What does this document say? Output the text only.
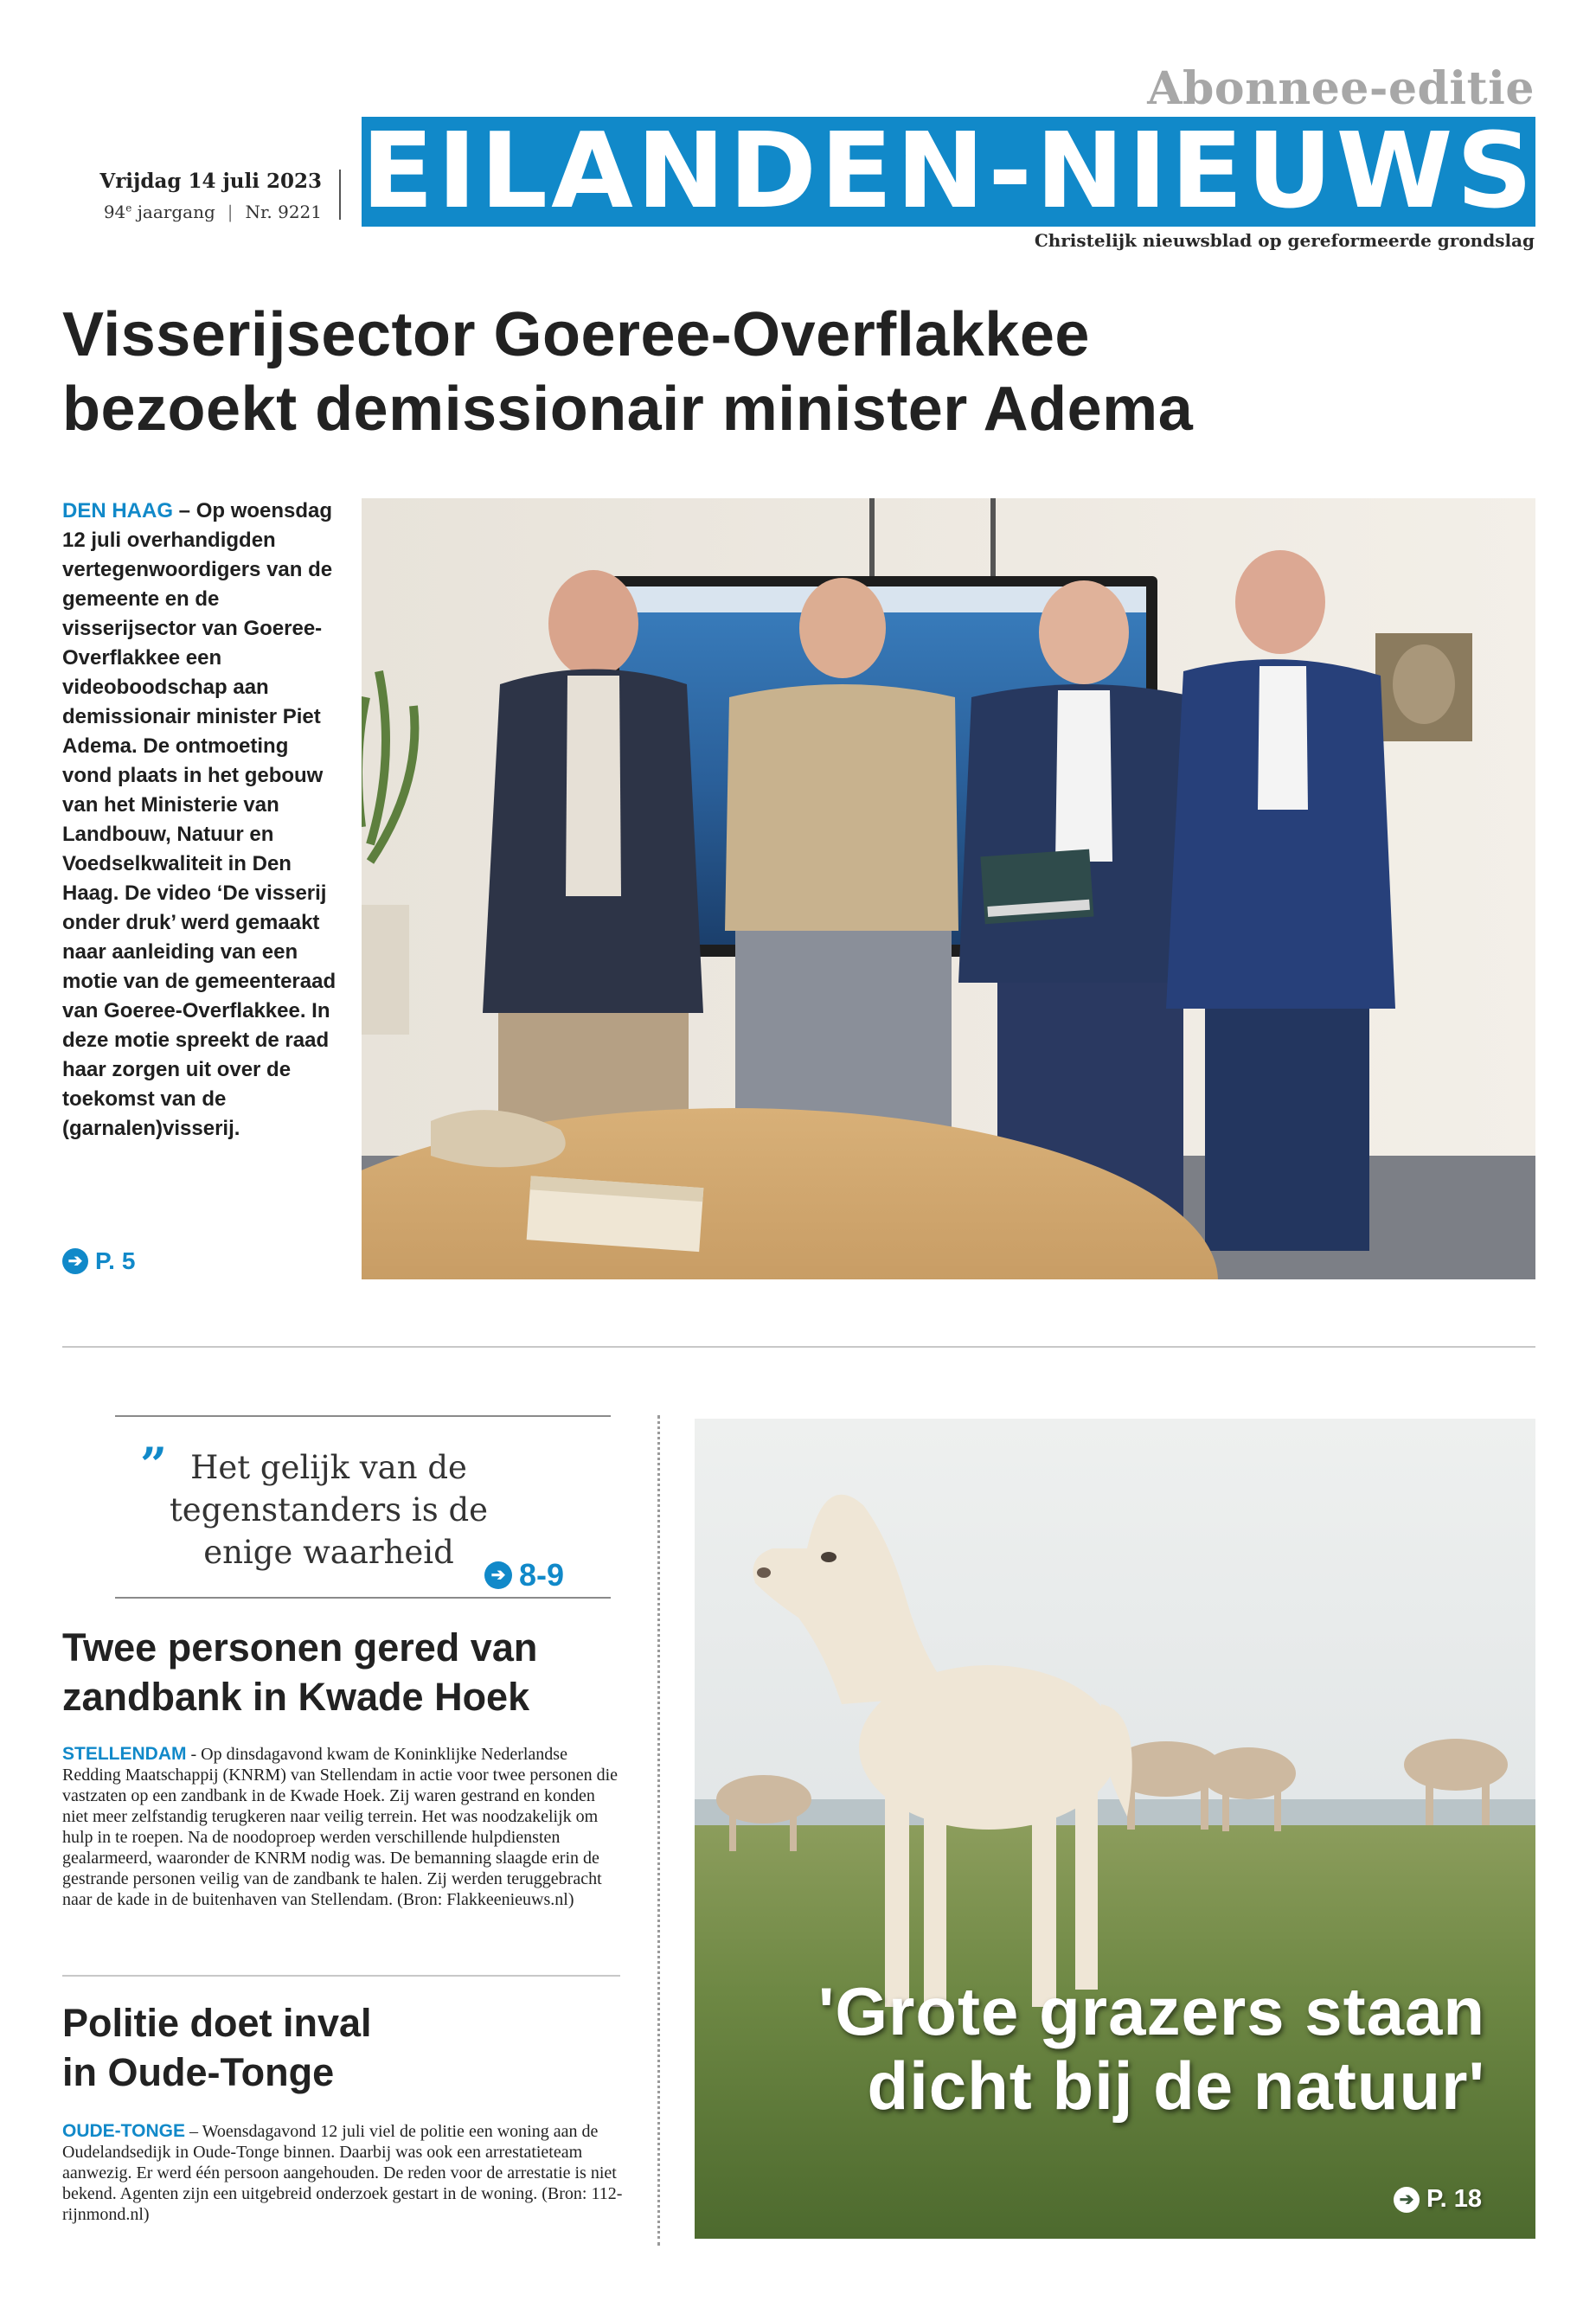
Abonnee-editie
Vrijdag 14 juli 2023
94e jaargang | Nr. 9221 EILANDEN-NIEUWS
Christelijk nieuwsblad op gereformeerde grondslag
Visserijsector Goeree-Overflakkee
bezoekt demissionair minister Adema

DEN HAAG – Op woensdag 12 juli overhandigden vertegenwoordigers van de gemeente en de visserijsector van Goeree-Overflakkee een videoboodschap aan demissionair minister Piet Adema. De ontmoeting vond plaats in het gebouw van het Ministerie van Landbouw, Natuur en Voedselkwaliteit in Den Haag. De video ‘De visserij onder druk’ werd gemaakt naar aanleiding van een motie van de gemeenteraad van Goeree-Overflakkee. In deze motie spreekt de raad haar zorgen uit over de toekomst van de (garnalen)visserij.

➔ P. 5
” Het gelijk van de
tegenstanders is de
enige waarheid
➔ 8-9
Twee personen gered van
zandbank in Kwade Hoek

STELLENDAM - Op dinsdagavond kwam de Koninklijke Nederlandse Redding Maatschappij (KNRM) van Stellendam in actie voor twee personen die vastzaten op een zandbank in de Kwade Hoek. Zij waren gestrand en konden niet meer zelfstandig terugkeren naar veilig terrein. Het was noodzakelijk om hulp in te roepen. Na de noodoproep werden verschillende hulpdiensten gealarmeerd, waaronder de KNRM nodig was. De bemanning slaagde erin de gestrande personen veilig van de zandbank te halen. Zij werden teruggebracht naar de kade in de buitenhaven van Stellendam. (Bron: Flakkeenieuws.nl)

Politie doet inval
in Oude-Tonge

OUDE-TONGE – Woensdagavond 12 juli viel de politie een woning aan de Oudelandsedijk in Oude-Tonge binnen. Daarbij was ook een arrestatieteam aanwezig. Er werd één persoon aangehouden. De reden voor de arrestatie is niet bekend. Agenten zijn een uitgebreid onderzoek gestart in de woning. (Bron: 112-rijnmond.nl)

'Grote grazers staan
dicht bij de natuur'
➔ P. 18
